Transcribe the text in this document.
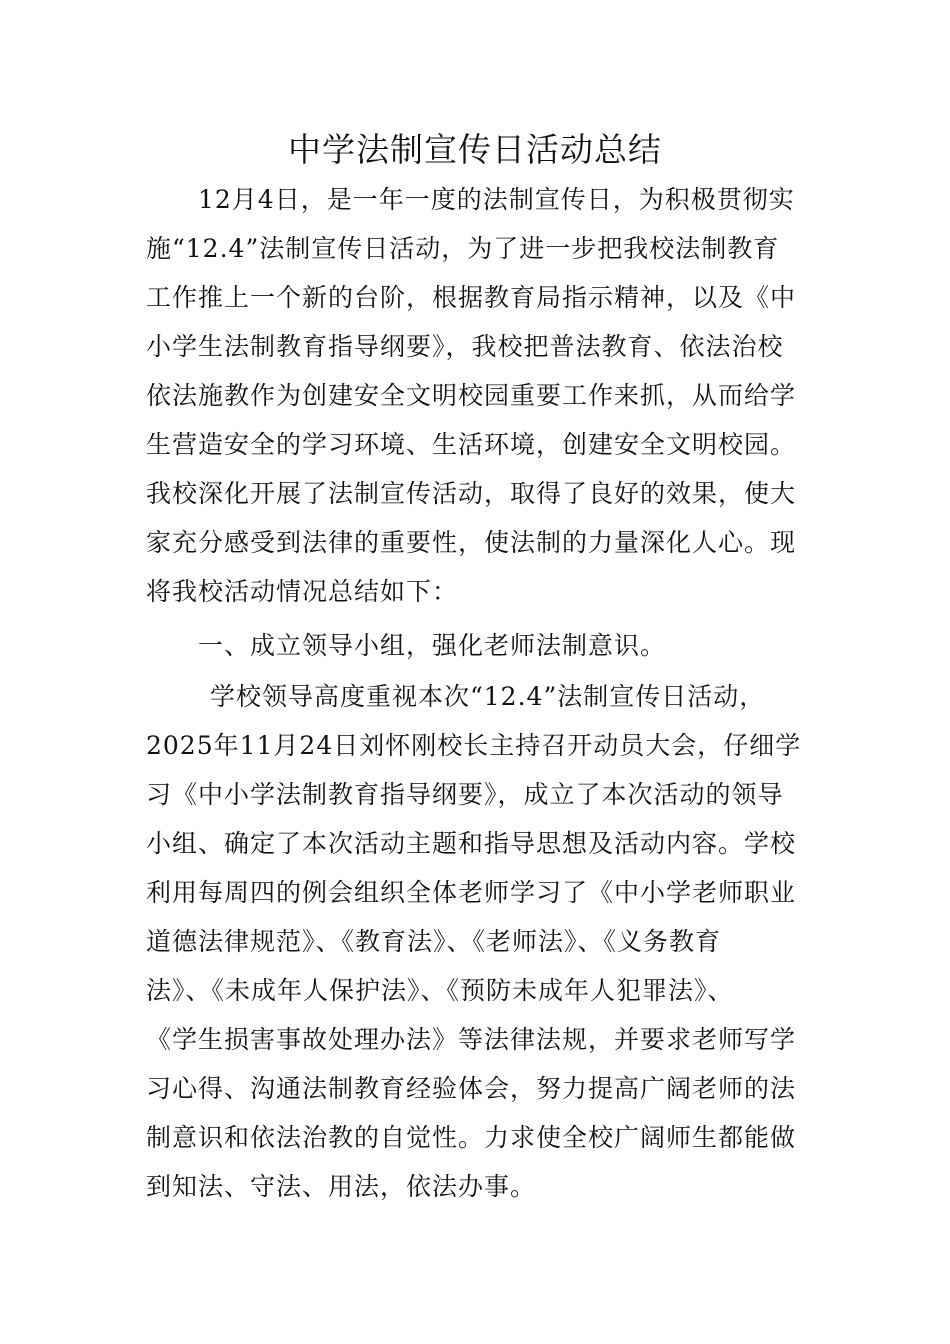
中学法制宣传日活动总结
12月4日，是一年一度的法制宣传日，为积极贯彻实
施“12.4”法制宣传日活动，为了进一步把我校法制教育
工作推上一个新的台阶，根据教育局指示精神，以及《中
小学生法制教育指导纲要》，我校把普法教育、依法治校
依法施教作为创建安全文明校园重要工作来抓，从而给学
生营造安全的学习环境、生活环境，创建安全文明校园。
我校深化开展了法制宣传活动，取得了良好的效果，使大
家充分感受到法律的重要性，使法制的力量深化人心。现
将我校活动情况总结如下：
一、成立领导小组，强化老师法制意识。
学校领导高度重视本次“12.4”法制宣传日活动，
2025年11月24日刘怀刚校长主持召开动员大会，仔细学
习《中小学法制教育指导纲要》，成立了本次活动的领导
小组、确定了本次活动主题和指导思想及活动内容。学校
利用每周四的例会组织全体老师学习了《中小学老师职业
道德法律规范》、《教育法》、《老师法》、《义务教育
法》、《未成年人保护法》、《预防未成年人犯罪法》、
《学生损害事故处理办法》等法律法规，并要求老师写学
习心得、沟通法制教育经验体会，努力提高广阔老师的法
制意识和依法治教的自觉性。力求使全校广阔师生都能做
到知法、守法、用法，依法办事。
